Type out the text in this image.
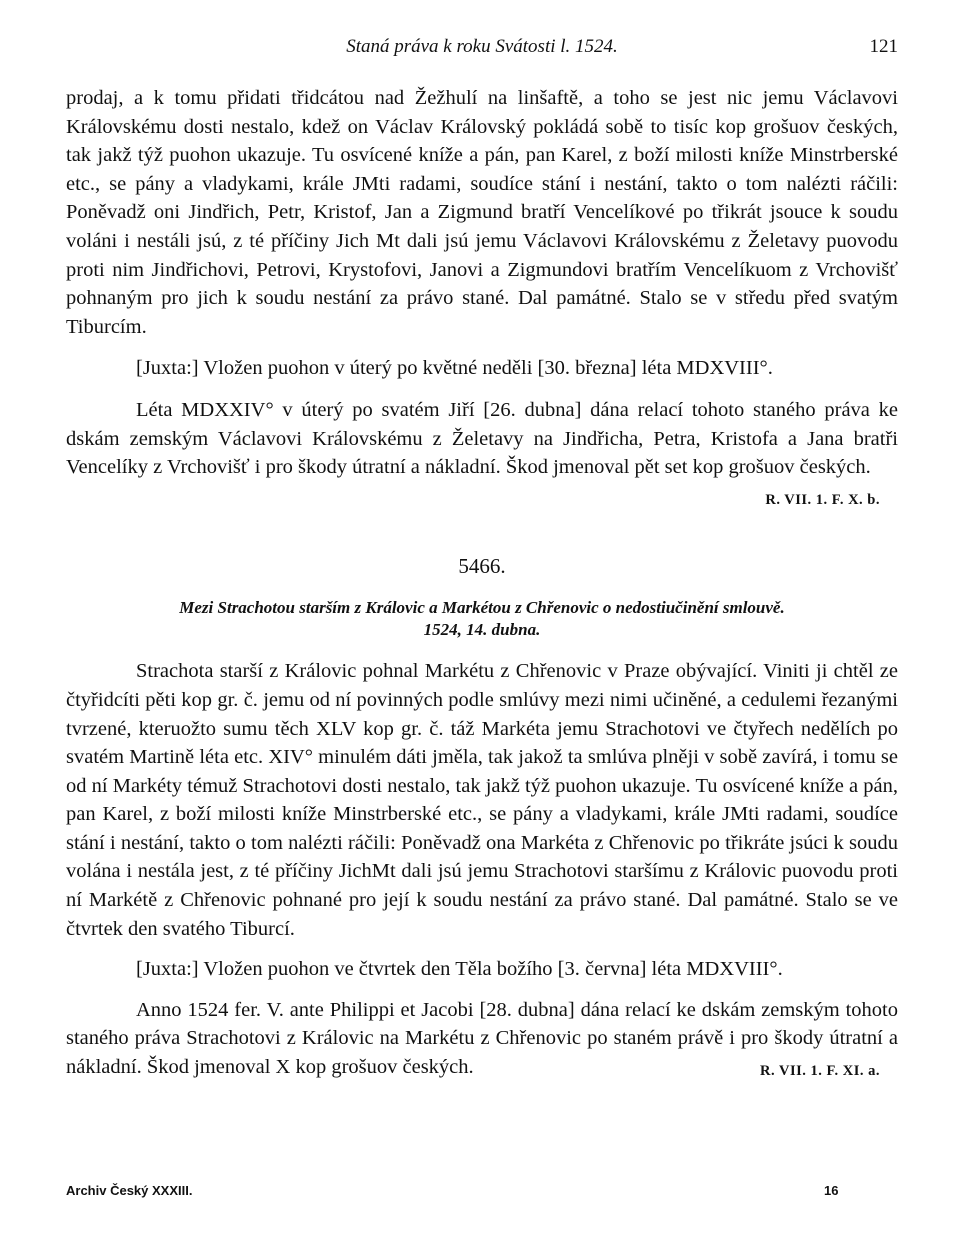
Staná práva k roku Svátosti l. 1524.	121

prodaj, a k tomu přidati třidcátou nad Žežhulí na linšaftě, a toho se jest nic jemu Václavovi Královskému dosti nestalo, kdež on Václav Královský pokládá sobě to tisíc kop grošuov českých, tak jakž týž puohon ukazuje. Tu osvícené kníže a pán, pan Karel, z boží milosti kníže Minstrberské etc., se pány a vladykami, krále JMti radami, soudíce stání i nestání, takto o tom nalézti ráčili: Poněvadž oni Jindřich, Petr, Kristof, Jan a Zigmund bratří Vencelíkové po třikrát jsouce k soudu voláni i nestáli jsú, z té příčiny Jich Mt dali jsú jemu Václavovi Královskému z Želetavy puovodu proti nim Jindřichovi, Petrovi, Krystofovi, Janovi a Zigmundovi bratřím Vencelíkuom z Vrchovišť pohnaným pro jich k soudu nestání za právo stané. Dal památné. Stalo se v středu před svatým Tiburcím.

[Juxta:] Vložen puohon v úterý po květné neděli [30. března] léta MDXVIII°.

Léta MDXXIV° v úterý po svatém Jiří [26. dubna] dána relací tohoto staného práva ke dskám zemským Václavovi Královskému z Želetavy na Jindřicha, Petra, Kristofa a Jana bratři Vencelíky z Vrchovišť i pro škody útratní a nákladní. Škod jmenoval pět set kop grošuov českých.
R. VII. 1. F. X. b.

5466.
Mezi Strachotou starším z Královic a Markétou z Chřenovic o nedostiučinění smlouvě.
1524, 14. dubna.

Strachota starší z Královic pohnal Markétu z Chřenovic v Praze obývající. Viniti ji chtěl ze čtyřidcíti pěti kop gr. č. jemu od ní povinných podle smlúvy mezi nimi učiněné, a cedulemi řezanými tvrzené, kteruožto sumu těch XLV kop gr. č. táž Markéta jemu Strachotovi ve čtyřech nedělích po svatém Martině léta etc. XIV° minulém dáti jměla, tak jakož ta smlúva plněji v sobě zavírá, i tomu se od ní Markéty témuž Strachotovi dosti nestalo, tak jakž týž puohon ukazuje. Tu osvícené kníže a pán, pan Karel, z boží milosti kníže Minstrberské etc., se pány a vladykami, krále JMti radami, soudíce stání i nestání, takto o tom nalézti ráčili: Poněvadž ona Markéta z Chřenovic po třikráte jsúci k soudu volána i nestála jest, z té příčiny JichMt dali jsú jemu Strachotovi staršímu z Královic puovodu proti ní Markétě z Chřenovic pohnané pro její k soudu nestání za právo stané. Dal památné. Stalo se ve čtvrtek den svatého Tiburcí.

[Juxta:] Vložen puohon ve čtvrtek den Těla božího [3. června] léta MDXVIII°.

Anno 1524 fer. V. ante Philippi et Jacobi [28. dubna] dána relací ke dskám zemským tohoto staného práva Strachotovi z Královic na Markétu z Chřenovic po staném právě i pro škody útratní a nákladní. Škod jmenoval X kop grošuov českých.	R. VII. 1. F. XI. a.

Archiv Český XXXIII.	16
